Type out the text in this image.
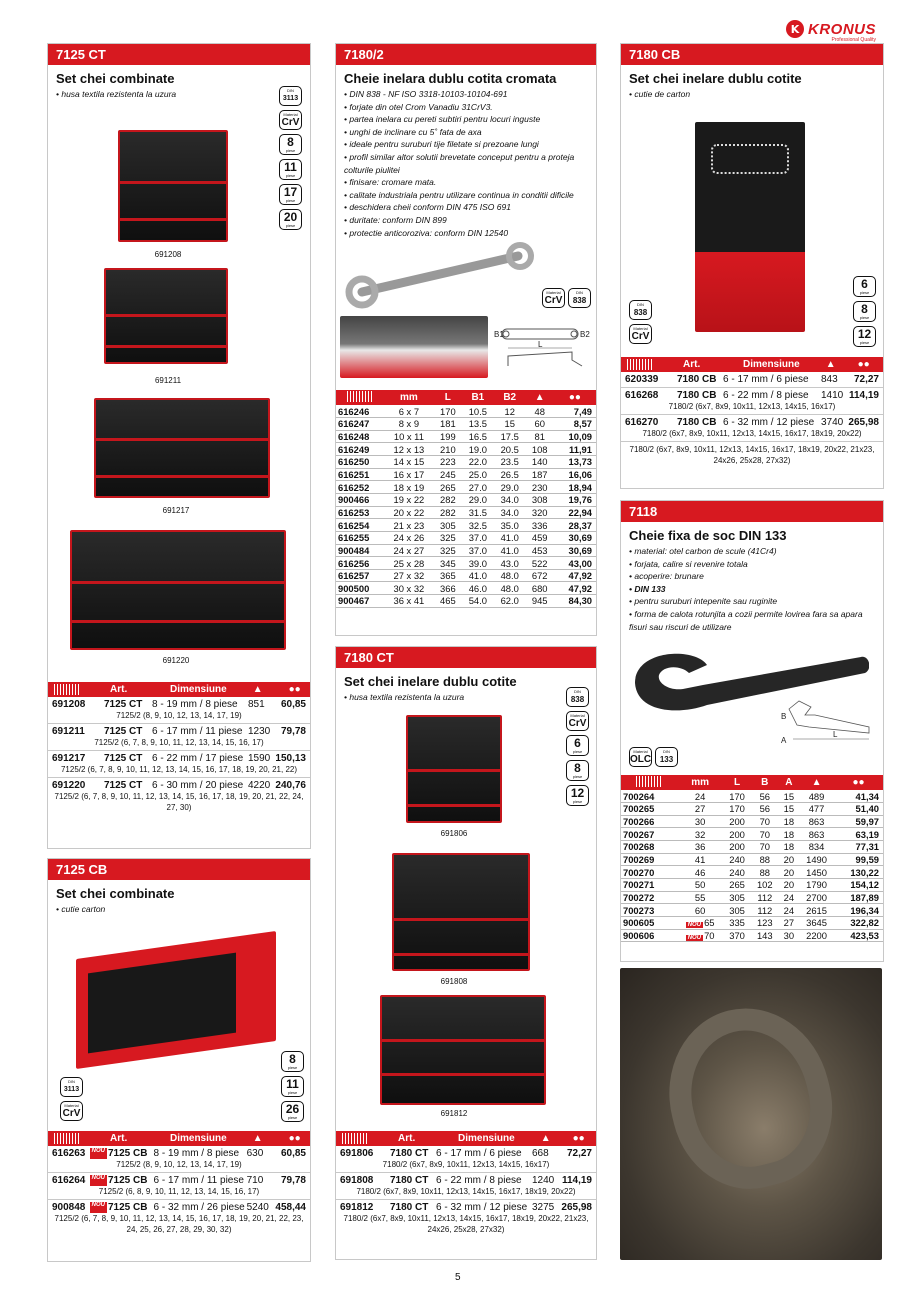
K KRONUS
Professional Quality
7125 CT
Set chei combinate
• husa textila rezistenta la uzura	DIN
3113
Material
CrV
8
piese
11
piese
17
piese
20
piese
691208
691211
691217
691220
Art.	Dimensiune	▲	●●
691208	7125 CT 8 - 19 mm / 8 piese	851	60,85
7125/2 (8, 9, 10, 12, 13, 14, 17, 19)
691211	7125 CT 6 - 17 mm / 11 piese 1230	79,78
7125/2 (6, 7, 8, 9, 10, 11, 12, 13, 14, 15, 16, 17)
691217	7125 CT 6 - 22 mm / 17 piese 1590 150,13
7125/2 (6, 7, 8, 9, 10, 11, 12, 13, 14, 15, 16, 17, 18, 19, 20, 21, 22)
691220	7125 CT 6 - 30 mm / 20 piese 4220 240,76
7125/2 (6, 7, 8, 9, 10, 11, 12, 13, 14, 15, 16, 17, 18, 19, 20, 21, 22, 24, 27, 30)
7125 CB
Set chei combinate
• cutie carton
DIN
3113
Material
CrV
8
piese
11
piese
26
piese
Art.	Dimensiune	▲	●●
616263	NOU 7125 CB 8 - 19 mm / 8 piese 630	60,85
7125/2 (8, 9, 10, 12, 13, 14, 17, 19)
616264	NOU 7125 CB 6 - 17 mm / 11 piese 710	79,78
7125/2 (6, 8, 9, 10, 11, 12, 13, 14, 15, 16, 17)
900848	NOU 7125 CB 6 - 32 mm / 26 piese 5240 458,44
7125/2 (6, 7, 8, 9, 10, 11, 12, 13, 14, 15, 16, 17, 18, 19, 20, 21, 22, 23, 24, 25, 26, 27, 28, 29, 30, 32)
7180/2
Cheie inelara dublu cotita cromata
• DIN 838 - NF ISO 3318-10103-10104-691
• forjate din otel Crom Vanadiu 31CrV3.
• partea inelara cu pereti subtiri pentru locuri inguste
• unghi de inclinare cu 5˚ fata de axa
• ideale pentru suruburi tije filetate si prezoane lungi
• profil similar altor solutii brevetate conceput pentru a proteja colturile piulitei
• finisare: cromare mata.
• calitate industriala pentru utilizare continua in conditii dificile
• deschidera cheii conform DIN 475 ISO 691
• duritate: conform DIN 899
• protectie anticoroziva: conform DIN 12540
Material
CrV
DIN
838
B1	B2
L
	mm	L	B1	B2	▲	●●
616246	6 x 7	170	10.5	12	48	7,49
616247	8 x 9	181	13.5	15	60	8,57
616248	10 x 11	199	16.5	17.5	81	10,09
616249	12 x 13	210	19.0	20.5	108	11,91
616250	14 x 15	223	22.0	23.5	140	13,73
616251	16 x 17	245	25.0	26.5	187	16,06
616252	18 x 19	265	27.0	29.0	230	18,94
900466	19 x 22	282	29.0	34.0	308	19,76
616253	20 x 22	282	31.5	34.0	320	22,94
616254	21 x 23	305	32.5	35.0	336	28,37
616255	24 x 26	325	37.0	41.0	459	30,69
900484	24 x 27	325	37.0	41.0	453	30,69
616256	25 x 28	345	39.0	43.0	522	43,00
616257	27 x 32	365	41.0	48.0	672	47,92
900500	30 x 32	366	46.0	48.0	680	47,92
900467	36 x 41	465	54.0	62.0	945	84,30
7180 CT
Set chei inelare dublu cotite
• husa textila rezistenta la uzura
DIN
838
Material
CrV
6
piese
8
piese
12
piese
691806
691808
691812
Art.	Dimensiune	▲ ●●
691806	7180 CT 6 - 17 mm / 6 piese	668	72,27
7180/2 (6x7, 8x9, 10x11, 12x13, 14x15, 16x17)
691808	7180 CT 6 - 22 mm / 8 piese	1240 114,19
7180/2 (6x7, 8x9, 10x11, 12x13, 14x15, 16x17, 18x19, 20x22)
691812	7180 CT 6 - 32 mm / 12 piese 3275 265,98
7180/2 (6x7, 8x9, 10x11, 12x13, 14x15, 16x17, 18x19, 20x22, 21x23, 24x26, 25x28, 27x32)
7180 CB
Set chei inelare dublu cotite
• cutie de carton
DIN
838
Material
CrV
6
piese
8
piese
12
piese
Art.	Dimensiune	▲ ●●
620339	7180 CB 6 - 17 mm / 6 piese	843	72,27
616268	7180 CB 6 - 22 mm / 8 piese	1410 114,19
7180/2 (6x7, 8x9, 10x11, 12x13, 14x15, 16x17)
616270	7180 CB 6 - 32 mm / 12 piese 3740 265,98
7180/2 (6x7, 8x9, 10x11, 12x13, 14x15, 16x17, 18x19, 20x22)
7180/2 (6x7, 8x9, 10x11, 12x13, 14x15, 16x17, 18x19, 20x22, 21x23, 24x26, 25x28, 27x32)
7118
Cheie fixa de soc DIN 133
• material: otel carbon de scule (41Cr4)
• forjata, calire si revenire totala
• acoperire: brunare
• DIN 133
• pentru suruburi intepenite sau ruginite
• forma de calota rotunjita a cozii permite lovirea fara sa apara fisuri sau riscuri de utilizare
B
A
L
Material
OLC
DIN
133
	mm	L	B	A	▲	●●
700264	24	170	56	15	489	41,34
700265	27	170	56	15	477	51,40
700266	30	200	70	18	863	59,97
700267	32	200	70	18	863	63,19
700268	36	200	70	18	834	77,31
700269	41	240	88	20	1490	99,59
700270	46	240	88	20	1450	130,22
700271	50	265	102	20	1790	154,12
700272	55	305	112	24	2700	187,89
700273	60	305	112	24	2615	196,34
900605	NOU 65	335	123	27	3645	322,82
900606	NOU 70	370	143	30	2200	423,53
5
